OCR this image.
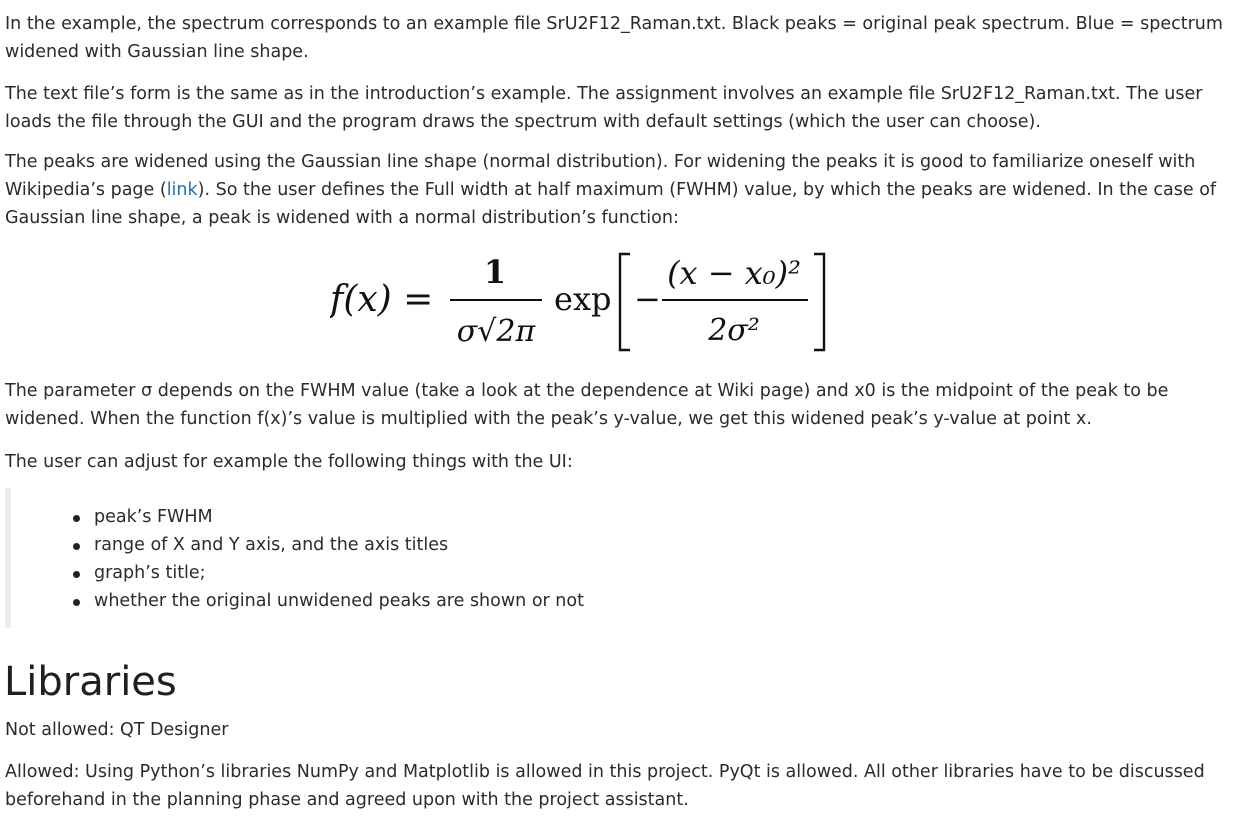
In the example, the spectrum corresponds to an example file SrU2F12_Raman.txt. Black peaks = original peak spectrum. Blue = spectrum widened with Gaussian line shape.

The text file’s form is the same as in the introduction’s example. The assignment involves an example file SrU2F12_Raman.txt. The user loads the file through the GUI and the program draws the spectrum with default settings (which the user can choose).

The peaks are widened using the Gaussian line shape (normal distribution). For widening the peaks it is good to familiarize oneself with Wikipedia’s page (link). So the user defines the Full width at half maximum (FWHM) value, by which the peaks are widened. In the case of Gaussian line shape, a peak is widened with a normal distribution’s function:

f(x) =
1
σ√2π
exp −
(x − x₀)²
2σ²

The parameter σ depends on the FWHM value (take a look at the dependence at Wiki page) and x0 is the midpoint of the peak to be widened. When the function f(x)’s value is multiplied with the peak’s y-value, we get this widened peak’s y-value at point x.

The user can adjust for example the following things with the UI:

peak’s FWHM
range of X and Y axis, and the axis titles
graph’s title;
whether the original unwidened peaks are shown or not
Libraries

Not allowed: QT Designer

Allowed: Using Python’s libraries NumPy and Matplotlib is allowed in this project. PyQt is allowed. All other libraries have to be discussed beforehand in the planning phase and agreed upon with the project assistant.
